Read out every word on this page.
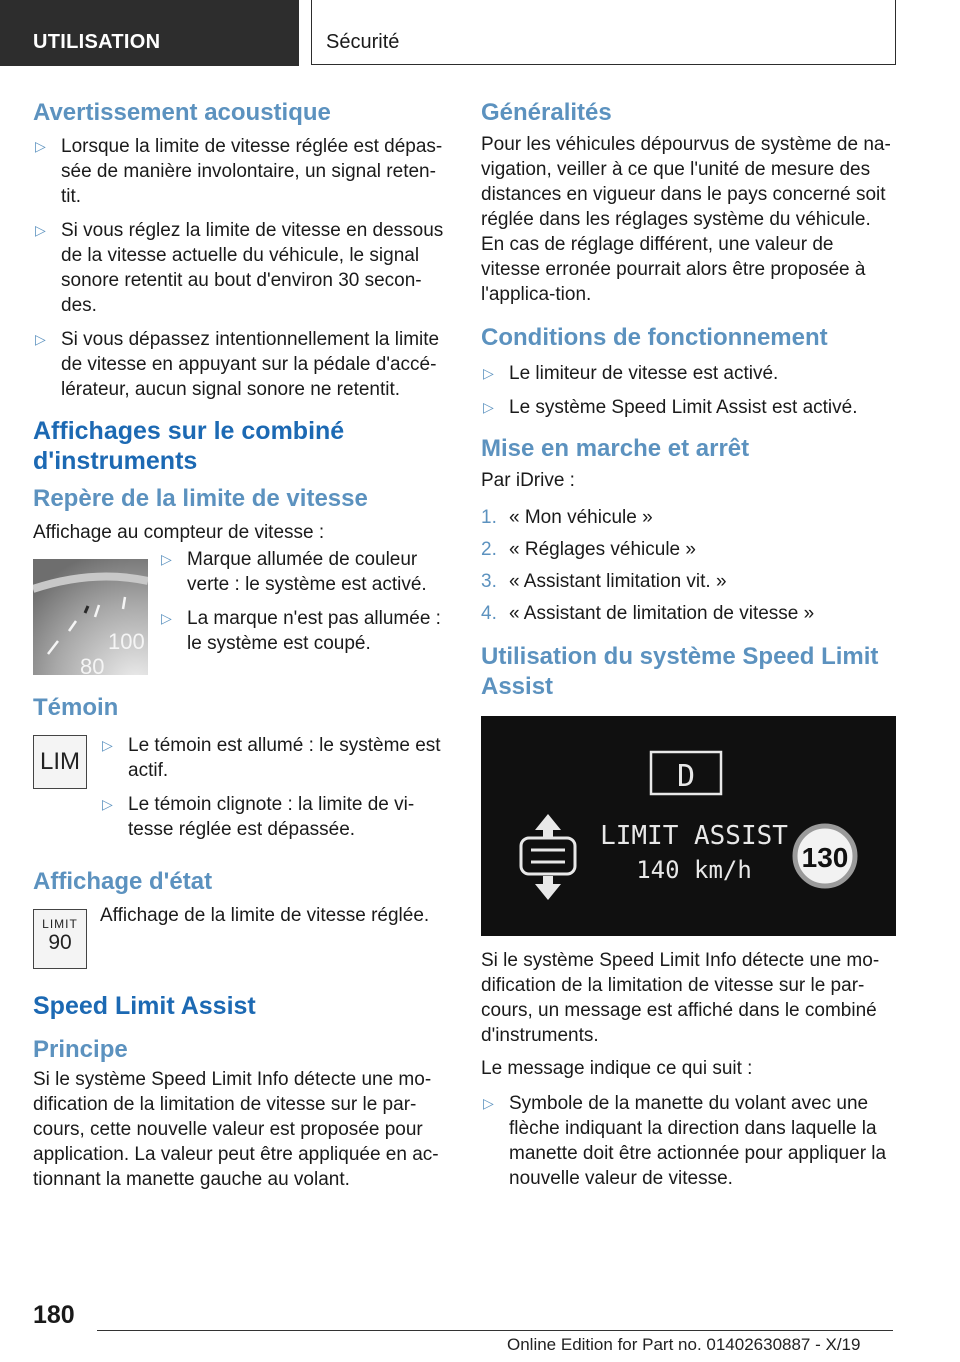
UTILISATION	Sécurité
Avertissement acoustique
▷ Lorsque la limite de vitesse réglée est dépas-sée de manière involontaire, un signal reten-tit.
▷ Si vous réglez la limite de vitesse en dessous de la vitesse actuelle du véhicule, le signal sonore retentit au bout d'environ 30 secon-des.
▷ Si vous dépassez intentionnellement la limite de vitesse en appuyant sur la pédale d'accé-lérateur, aucun signal sonore ne retentit.
Affichages sur le combiné d'instruments
Repère de la limite de vitesse
Affichage au compteur de vitesse :
100
80
▷ Marque allumée de couleur verte : le système est activé.
▷ La marque n'est pas allumée : le système est coupé.
Témoin
LIM
▷ Le témoin est allumé : le système est actif.
▷ Le témoin clignote : la limite de vi-tesse réglée est dépassée.
Affichage d'état
LIMIT
90
Affichage de la limite de vitesse réglée.
Speed Limit Assist
Principe
Si le système Speed Limit Info détecte une mo-dification de la limitation de vitesse sur le par-cours, cette nouvelle valeur est proposée pour application. La valeur peut être appliquée en ac-tionnant la manette gauche au volant.
Généralités
Pour les véhicules dépourvus de système de na-vigation, veiller à ce que l'unité de mesure des distances en vigueur dans le pays concerné soit réglée dans les réglages système du véhicule. En cas de réglage différent, une valeur de vitesse erronée pourrait alors être proposée à l'applica-tion.
Conditions de fonctionnement
▷ Le limiteur de vitesse est activé.
▷ Le système Speed Limit Assist est activé.
Mise en marche et arrêt
Par iDrive :
1. « Mon véhicule »
2. « Réglages véhicule »
3. « Assistant limitation vit. »
4. « Assistant de limitation de vitesse »
Utilisation du système Speed Limit Assist
D
LIMIT ASSIST
140 km/h 130
Si le système Speed Limit Info détecte une mo-dification de la limitation de vitesse sur le par-cours, un message est affiché dans le combiné d'instruments.
Le message indique ce qui suit :
▷ Symbole de la manette du volant avec une flèche indiquant la direction dans laquelle la manette doit être actionnée pour appliquer la nouvelle valeur de vitesse.
180
Online Edition for Part no. 01402630887 - X/19
